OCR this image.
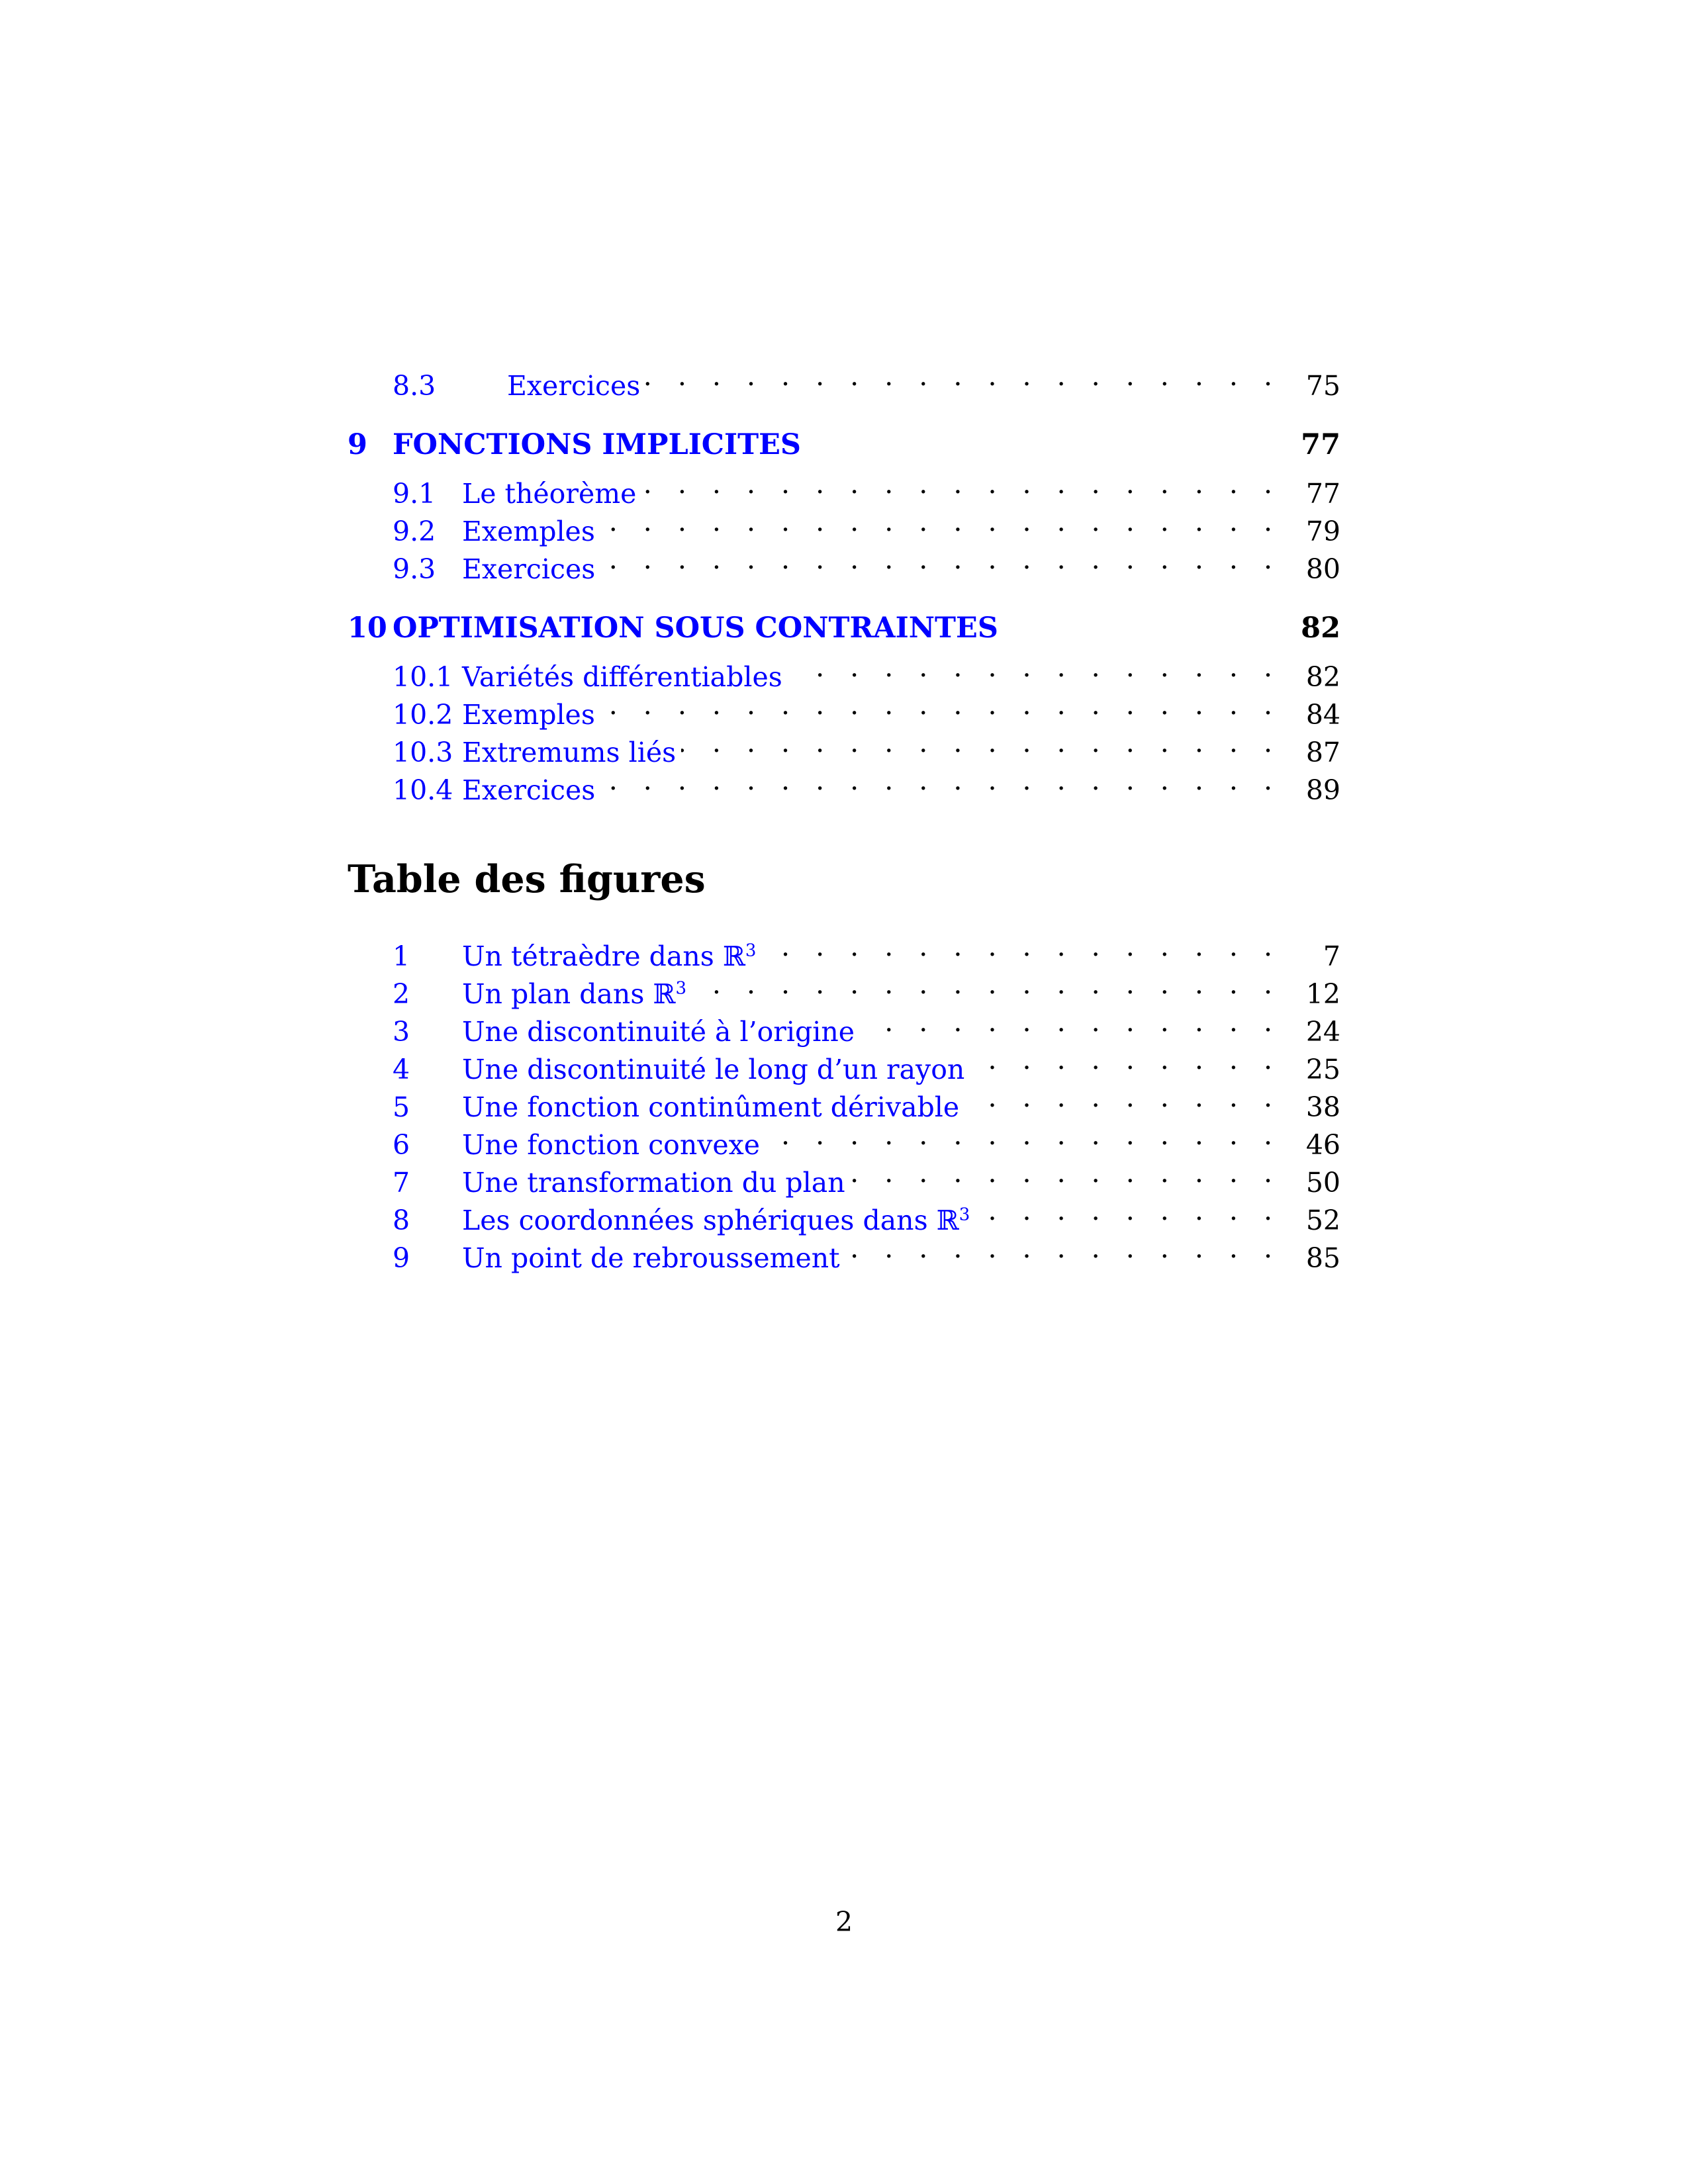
8.3	Exercices . . .	75
9 FONCTIONS IMPLICITES	77
9.1 Le théorème . . .	77
9.2 Exemples . . .	79
9.3 Exercices . . .	80
10 OPTIMISATION SOUS CONTRAINTES	82
10.1 Variétés différentiables . . .	82
10.2 Exemples . . .	84
10.3 Extremums liés . . .	87
10.4 Exercices . . .	89
Table des figures
1	Un tétraèdre dans ℝ$^3$ . . .	7
2	Un plan dans ℝ$^3$ . . .	12
3	Une discontinuité à l’origine . . .	24
4	Une discontinuité le long d’un rayon . . .	25
5	Une fonction continûment dérivable . . .	38
6	Une fonction convexe . . .	46
7	Une transformation du plan . . .	50
8	Les coordonnées sphériques dans ℝ$^3$ . . .	52
9	Un point de rebroussement . . .	85
2
